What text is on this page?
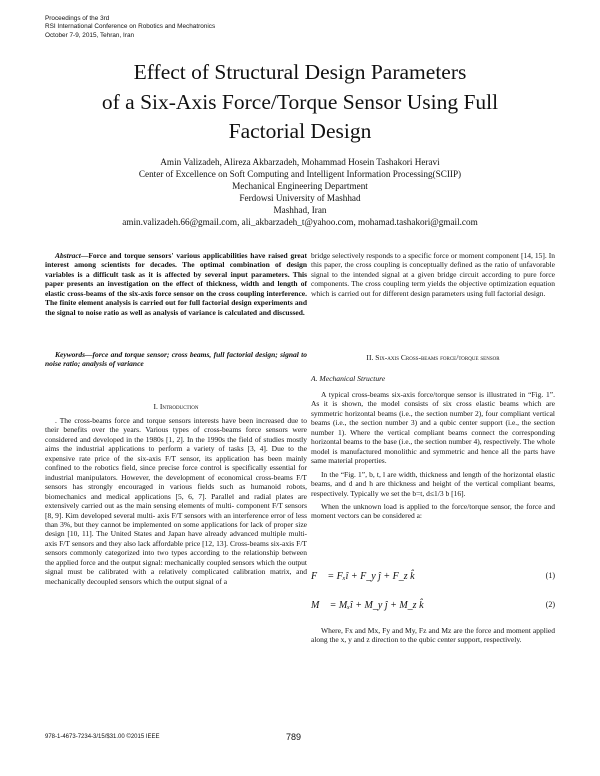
Proceedings of the 3rd
RSI International Conference on Robotics and Mechatronics
October 7-9, 2015, Tehran, Iran
Effect of Structural Design Parameters
of a Six-Axis Force/Torque Sensor Using Full
Factorial Design
Amin Valizadeh, Alireza Akbarzadeh, Mohammad Hosein Tashakori Heravi
Center of Excellence on Soft Computing and Intelligent Information Processing(SCIIP)
Mechanical Engineering Department
Ferdowsi University of Mashhad
Mashhad, Iran
amin.valizadeh.66@gmail.com, ali_akbarzadeh_t@yahoo.com, mohamad.tashakori@gmail.com

Abstract—Force and torque sensors' various applicabilities have raised great interest among scientists for decades. The optimal combination of design variables is a difficult task as it is affected by several input parameters. This paper presents an investigation on the effect of thickness, width and length of elastic cross-beams of the six-axis force sensor on the cross coupling interference. The finite element analysis is carried out for full factorial design experiments and the signal to noise ratio as well as analysis of variance is calculated and discussed.

Keywords—force and torque sensor; cross beams, full factorial design; signal to noise ratio; analysis of variance

I. Introduction

. The cross-beams force and torque sensors interests have been increased due to their benefits over the years. Various types of cross-beams force sensors were considered and developed in the 1980s [1, 2]. In the 1990s the field of studies mostly aims the industrial applications to perform a variety of tasks [3, 4]. Due to the expensive rate price of the six-axis F/T sensor, its application has been mainly confined to the robotics field, since precise force control is specifically essential for industrial manipulators. However, the development of economical cross-beams F/T sensors has strongly encouraged in various fields such as humanoid robots, biomechanics and medical applications [5, 6, 7]. Parallel and radial plates are extensively carried out as the main sensing elements of multi- component F/T sensors [8, 9]. Kim developed several multi- axis F/T sensors with an interference error of less than 3%, but they cannot be implemented on some applications for lack of proper size design [10, 11]. The United States and Japan have already advanced multiple multi-axis F/T sensors and they also lack affordable price [12, 13]. Cross-beams six-axis F/T sensors commonly categorized into two types according to the relationship between the applied force and the output signal: mechanically coupled sensors which the output signal must be calibrated with a relatively complicated calibration matrix, and mechanically decoupled sensors which the output signal of a

bridge selectively responds to a specific force or moment component [14, 15]. In this paper, the cross coupling is conceptually defined as the ratio of unfavorable signal to the intended signal at a given bridge circuit according to pure force components. The cross coupling term yields the objective optimization equation which is carried out for different design parameters using full factorial design.

II. Six-axis Cross-beams force/torque sensor
A. Mechanical Structure

A typical cross-beams six-axis force/torque sensor is illustrated in “Fig. 1”. As it is shown, the model consists of six cross elastic beams which are symmetric horizontal beams (i.e., the section number 2), four compliant vertical beams (i.e., the section number 3) and a qubic center support (i.e., the section number 1). Where the vertical compliant beams connect the corresponding horizontal beams to the base (i.e., the section number 4), respectively. The whole model is manufactured monolithic and symmetric and hence all the parts have same material properties.

In the “Fig. 1”, b, t, l are width, thickness and length of the horizontal elastic beams, and d and h are thickness and height of the vertical compliant beams, respectively. Typically we set the b=t, d≤1/3 b [16].

When the unknown load is applied to the force/torque sensor, the force and moment vectors can be considered a:

F⃗ = Fₓî + F_y ĵ + F_z k̂	(1)
M⃗ = Mₓî + M_y ĵ + M_z k̂	(2)

Where, Fx and Mx, Fy and My, Fz and Mz are the force and moment applied along the x, y and z direction to the qubic center support, respectively.

978-1-4673-7234-3/15/$31.00 ©2015 IEEE	789
